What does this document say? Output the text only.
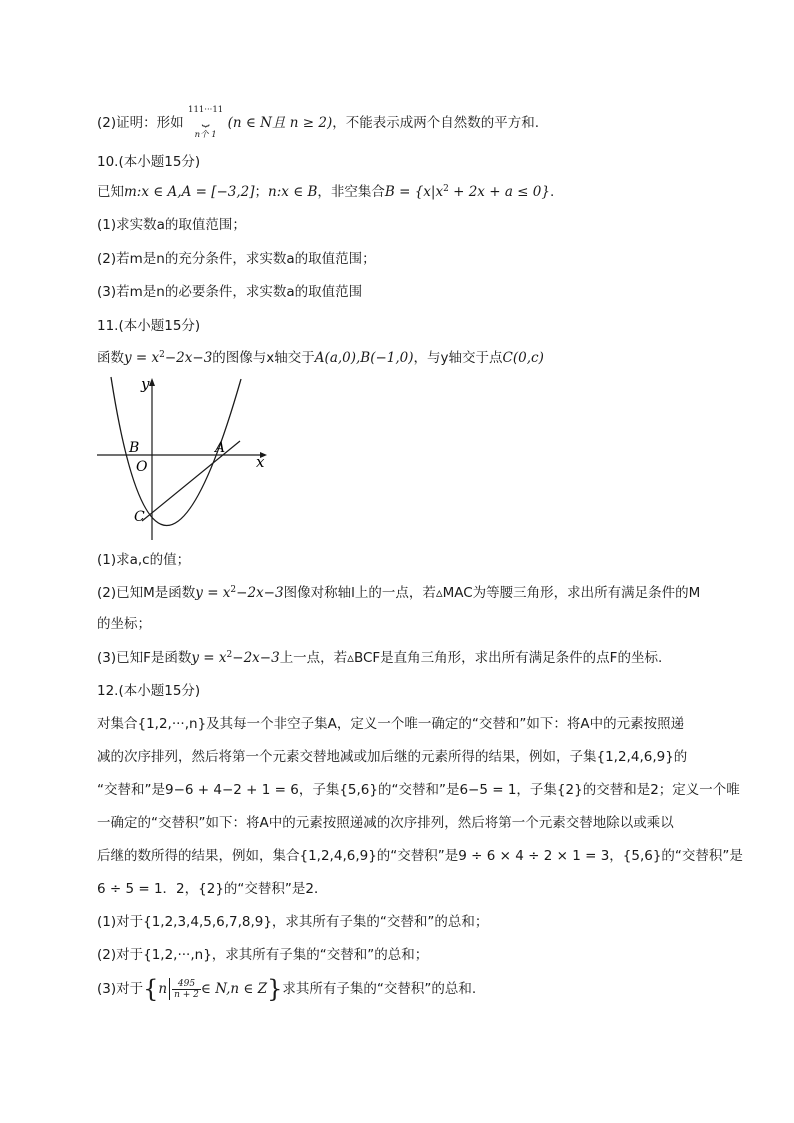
(2)证明：形如
111···11
⏟
n个 1
(n ∈ N且 n ≥ 2)，不能表示成两个自然数的平方和.
10.(本小题15分)
已知m:x ∈ A,A = [−3,2]；n:x ∈ B，非空集合$B = \{x|x^2 + 2x + a \le 0\}$.
(1)求实数a的取值范围；
(2)若m是n的充分条件，求实数a的取值范围；
(3)若m是n的必要条件，求实数a的取值范围
11.(本小题15分)
函数$y = x^2-2x-3$的图像与x轴交于A(a,0),B(−1,0)，与y轴交于点C(0,c)
y
x
B
O
A
C
(1)求a,c的值；
(2)已知M是函数$y = x^2-2x-3$图像对称轴l上的一点，若▵MAC为等腰三角形，求出所有满足条件的M
的坐标；
(3)已知F是函数$y = x^2-2x-3$上一点，若▵BCF是直角三角形，求出所有满足条件的点F的坐标.
12.(本小题15分)
对集合{1,2,···,n}及其每一个非空子集A，定义一个唯一确定的“交替和”如下：将A中的元素按照递
减的次序排列，然后将第一个元素交替地减或加后继的元素所得的结果，例如，子集{1,2,4,6,9}的
“交替和”是9−6 + 4−2 + 1 = 6，子集{5,6}的“交替和”是6−5 = 1，子集{2}的交替和是2；定义一个唯
一确定的“交替积”如下：将A中的元素按照递减的次序排列，然后将第一个元素交替地除以或乘以
后继的数所得的结果，例如，集合{1,2,4,6,9}的“交替积”是9 ÷ 6 × 4 ÷ 2 × 1 = 3，{5,6}的“交替积”是
6 ÷ 5 = 1．2，{2}的“交替积”是2．
(1)对于{1,2,3,4,5,6,7,8,9}，求其所有子集的“交替和”的总和；
(2)对于{1,2,···,n}，求其所有子集的“交替和”的总和；
(3)对于{$n \frac{495}{n + 2}$ ∈ N,n ∈ Z}求其所有子集的“交替积”的总和.
